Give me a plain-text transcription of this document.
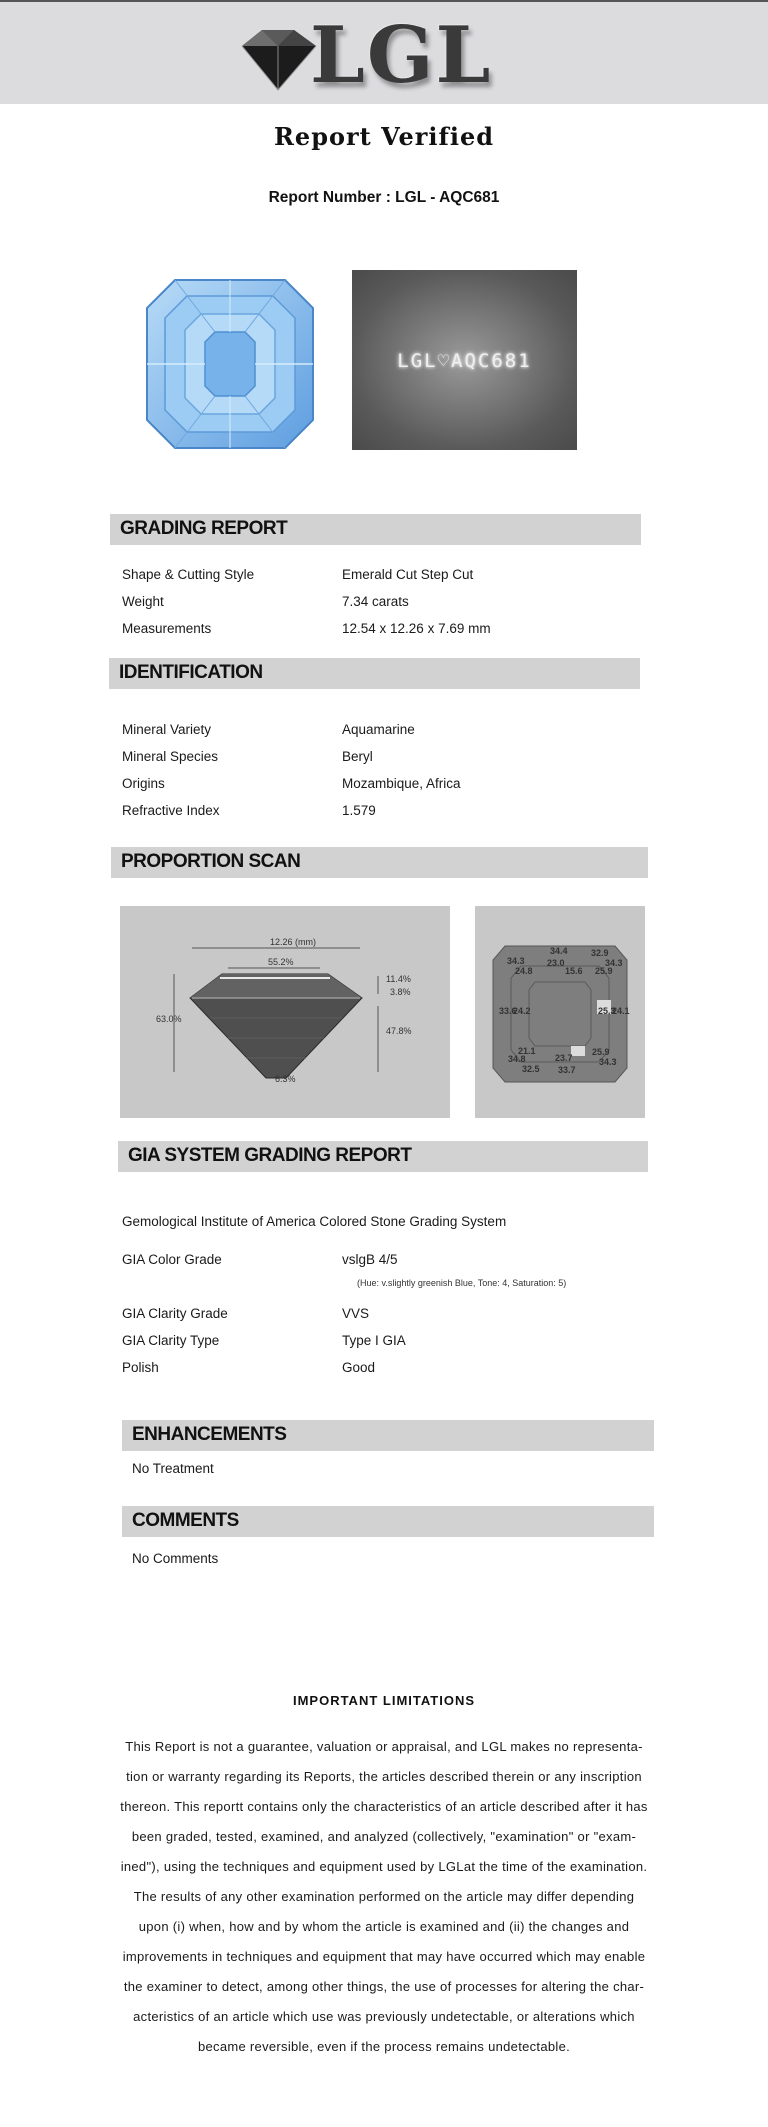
LGL
Report Verified
Report Number : LGL - AQC681
LGL♡AQC681
GRADING REPORT
Shape & Cutting Style	Emerald Cut Step Cut
Weight	7.34 carats
Measurements	12.54 x 12.26 x 7.69 mm
IDENTIFICATION
Mineral Variety	Aquamarine
Mineral Species	Beryl
Origins	Mozambique, Africa
Refractive Index	1.579
PROPORTION SCAN
12.26 (mm)
55.2%
63.0%
11.4%
3.8%
47.8%
6.3%
34.4	32.9
34.3
24.8
23.0
15.6 25.9
34.3
33.6
24.2	25.3
24.1
21.1
34.8	23.7
25.9
32.5 33.7
34.3
GIA SYSTEM GRADING REPORT
Gemological Institute of America Colored Stone Grading System
GIA Color Grade	vslgB 4/5
(Hue: v.slightly greenish Blue, Tone: 4, Saturation: 5)
GIA Clarity Grade	VVS
GIA Clarity Type	Type I GIA
Polish	Good
ENHANCEMENTS
No Treatment
COMMENTS
No Comments
IMPORTANT LIMITATIONS
This Report is not a guarantee, valuation or appraisal, and LGL makes no representa-
tion or warranty regarding its Reports, the articles described therein or any inscription
thereon. This reportt contains only the characteristics of an article described after it has
been graded, tested, examined, and analyzed (collectively, "examination" or "exam-
ined"), using the techniques and equipment used by LGLat the time of the examination.
The results of any other examination performed on the article may differ depending
upon (i) when, how and by whom the article is examined and (ii) the changes and
improvements in techniques and equipment that may have occurred which may enable
the examiner to detect, among other things, the use of processes for altering the char-
acteristics of an article which use was previously undetectable, or alterations which
became reversible, even if the process remains undetectable.
